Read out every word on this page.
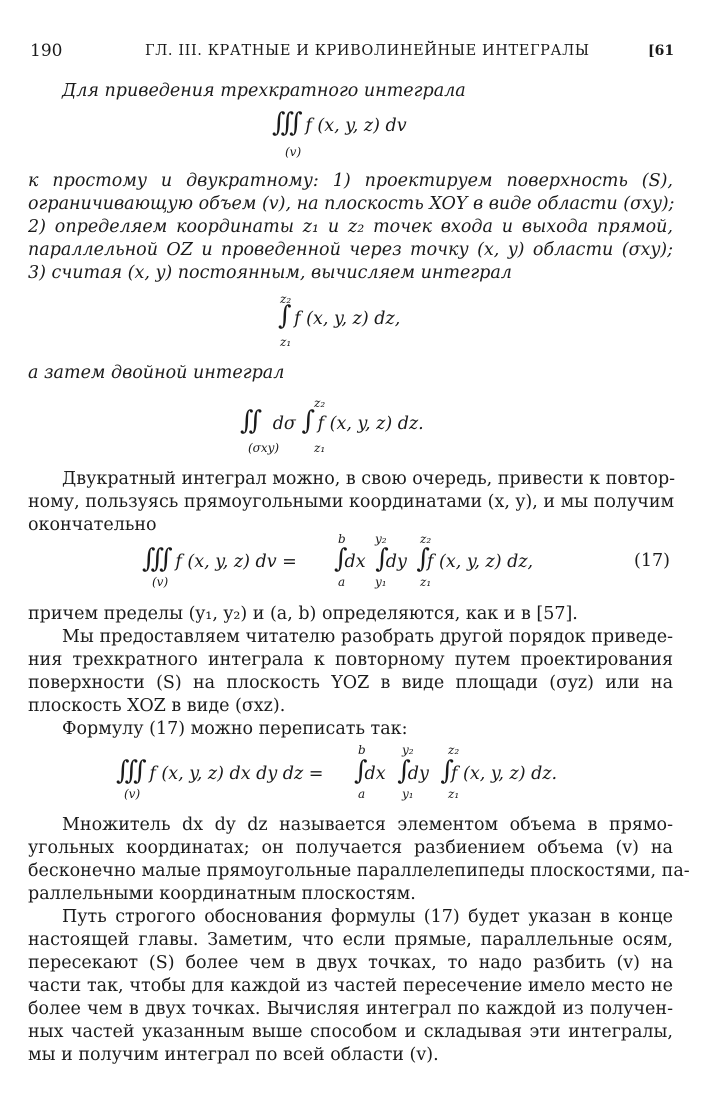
190	ГЛ. III. КРАТНЫЕ И КРИВОЛИНЕЙНЫЕ ИНТЕГРАЛЫ	[61
Для приведения трехкратного интеграла
∭ f (x, y, z) dv
(v)
к простому и двукратному: 1) проектируем поверхность (S),
ограничивающую объем (v), на плоскость XOY в виде области (σxy);
2) определяем координаты z₁ и z₂ точек входа и выхода прямой,
параллельной OZ и проведенной через точку (x, y) области (σxy);
3) считая (x, y) постоянным, вычисляем интеграл
z₂
∫ f (x, y, z) dz,
z₁
а затем двойной интеграл
z₂
∬ dσ ∫ f (x, y, z) dz.
(σxy)	z₁
Двукратный интеграл можно, в свою очередь, привести к повтор-
ному, пользуясь прямоугольными координатами (x, y), и мы получим
окончательно
b y₂	z₂
∭ f (x, y, z) dv = ∫dx ∫dy ∫f (x, y, z) dz,	(17)
(v)	a y₁	z₁
причем пределы (y₁, y₂) и (a, b) определяются, как и в [57].
Мы предоставляем читателю разобрать другой порядок приведе-
ния трехкратного интеграла к повторному путем проектирования
поверхности (S) на плоскость YOZ в виде площади (σyz) или на
плоскость XOZ в виде (σxz).
Формулу (17) можно переписать так:
b	y₂	z₂
∭ f (x, y, z) dx dy dz = ∫dx ∫dy ∫f (x, y, z) dz.
(v)	a	y₁	z₁
Множитель dx dy dz называется элементом объема в прямо-
угольных координатах; он получается разбиением объема (v) на
бесконечно малые прямоугольные параллелепипеды плоскостями, па-
раллельными координатным плоскостям.
Путь строгого обоснования формулы (17) будет указан в конце
настоящей главы. Заметим, что если прямые, параллельные осям,
пересекают (S) более чем в двух точках, то надо разбить (v) на
части так, чтобы для каждой из частей пересечение имело место не
более чем в двух точках. Вычисляя интеграл по каждой из получен-
ных частей указанным выше способом и складывая эти интегралы,
мы и получим интеграл по всей области (v).
